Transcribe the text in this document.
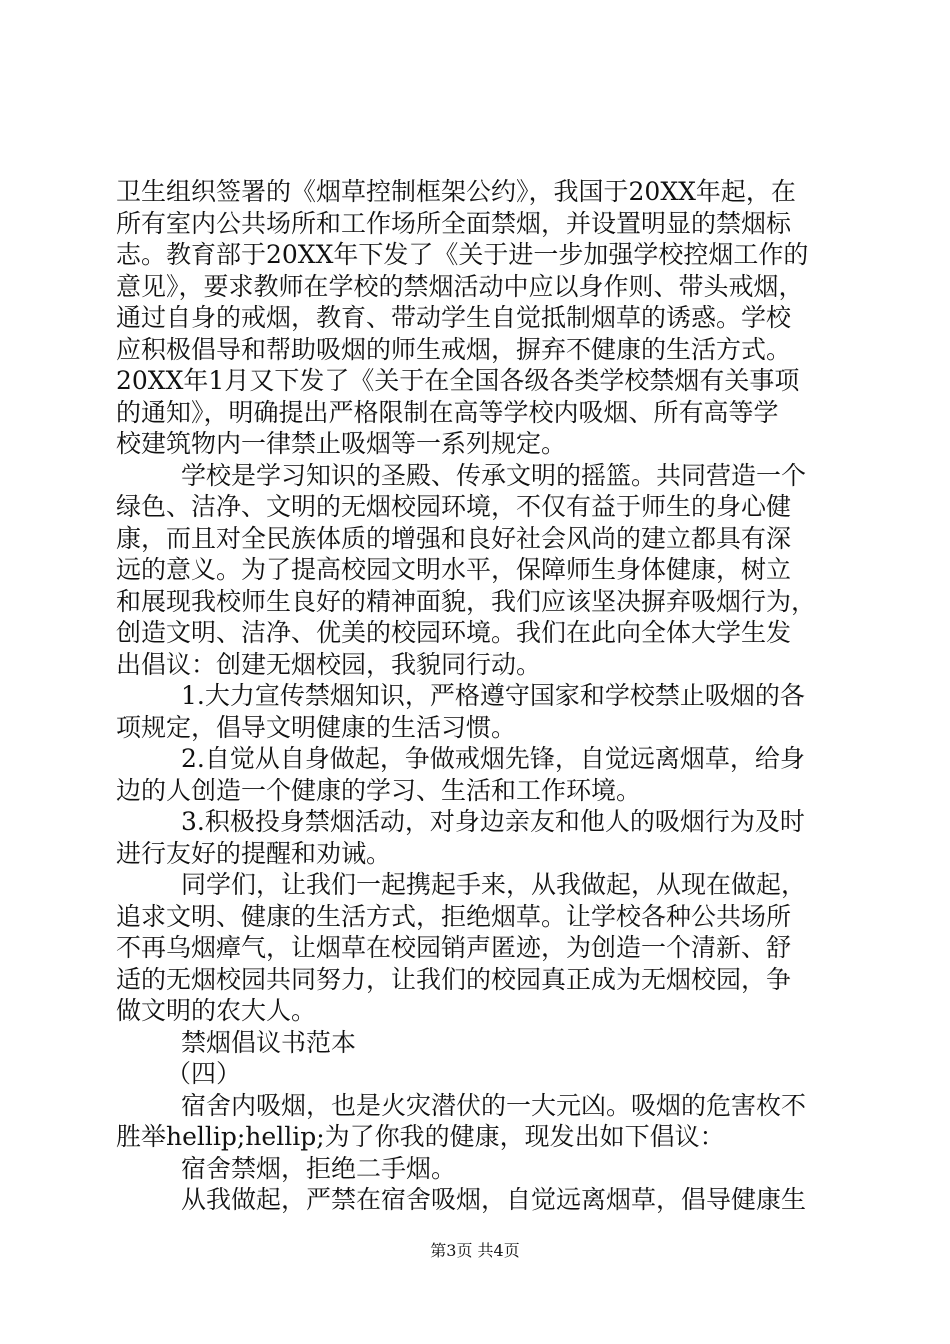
卫生组织签署的《烟草控制框架公约》，我国于20XX年起，在

所有室内公共场所和工作场所全面禁烟，并设置明显的禁烟标

志。教育部于20XX年下发了《关于进一步加强学校控烟工作的

意见》，要求教师在学校的禁烟活动中应以身作则、带头戒烟，

通过自身的戒烟，教育、带动学生自觉抵制烟草的诱惑。学校

应积极倡导和帮助吸烟的师生戒烟，摒弃不健康的生活方式。

20XX年1月又下发了《关于在全国各级各类学校禁烟有关事项

的通知》，明确提出严格限制在高等学校内吸烟、所有高等学

校建筑物内一律禁止吸烟等一系列规定。

学校是学习知识的圣殿、传承文明的摇篮。共同营造一个

绿色、洁净、文明的无烟校园环境，不仅有益于师生的身心健

康，而且对全民族体质的增强和良好社会风尚的建立都具有深

远的意义。为了提高校园文明水平，保障师生身体健康，树立

和展现我校师生良好的精神面貌，我们应该坚决摒弃吸烟行为，

创造文明、洁净、优美的校园环境。我们在此向全体大学生发

出倡议：创建无烟校园，我貌同行动。

1.大力宣传禁烟知识，严格遵守国家和学校禁止吸烟的各

项规定，倡导文明健康的生活习惯。

2.自觉从自身做起，争做戒烟先锋，自觉远离烟草，给身

边的人创造一个健康的学习、生活和工作环境。

3.积极投身禁烟活动，对身边亲友和他人的吸烟行为及时

进行友好的提醒和劝诫。

同学们，让我们一起携起手来，从我做起，从现在做起，

追求文明、健康的生活方式，拒绝烟草。让学校各种公共场所

不再乌烟瘴气，让烟草在校园销声匿迹，为创造一个清新、舒

适的无烟校园共同努力，让我们的校园真正成为无烟校园，争

做文明的农大人。

禁烟倡议书范本

（四）

宿舍内吸烟，也是火灾潜伏的一大元凶。吸烟的危害枚不

胜举hellip;hellip;为了你我的健康，现发出如下倡议：

宿舍禁烟，拒绝二手烟。

从我做起，严禁在宿舍吸烟，自觉远离烟草，倡导健康生

第3页 共4页
